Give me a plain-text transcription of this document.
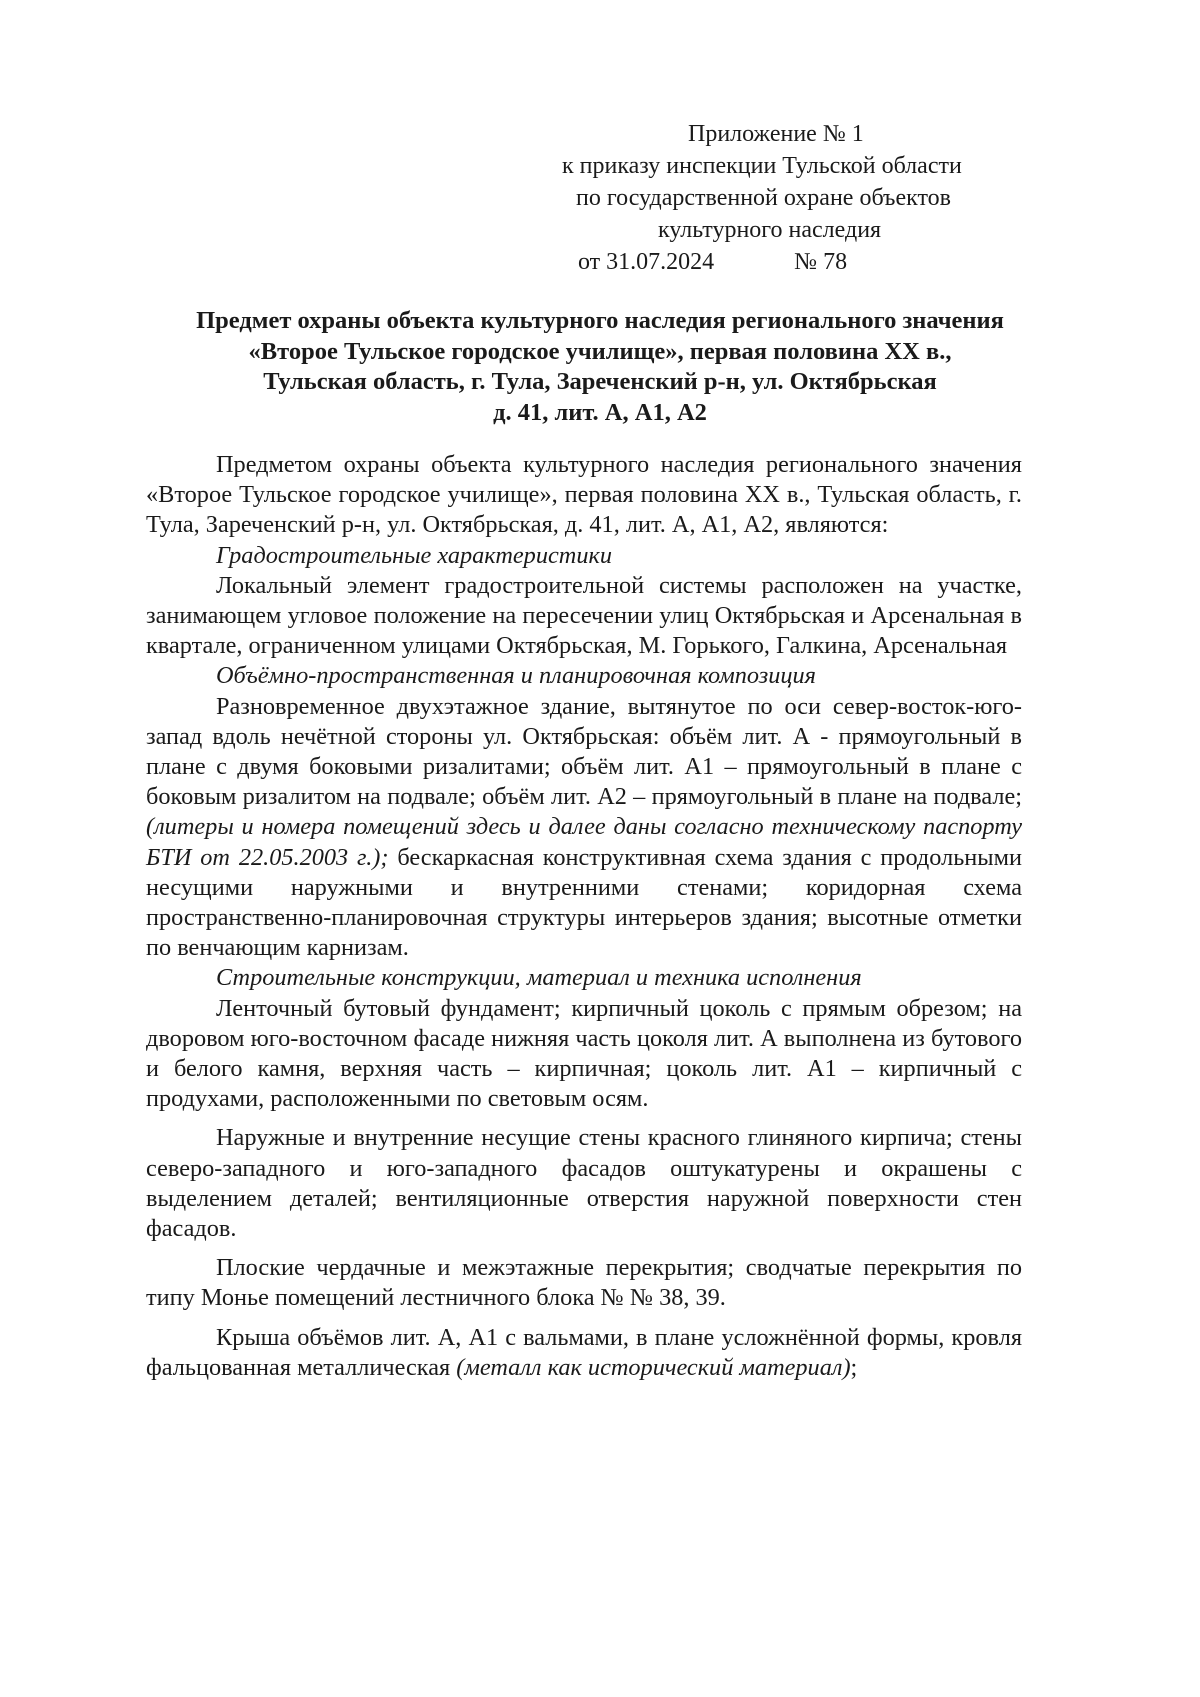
Приложение № 1
к приказу инспекции Тульской области
по государственной охране объектов
культурного наследия
от 31.07.2024	№ 78
Предмет охраны объекта культурного наследия регионального значения
«Второе Тульское городское училище», первая половина XX в.,
Тульская область, г. Тула, Зареченский р-н, ул. Октябрьская
д. 41, лит. А, А1, А2

Предметом охраны объекта культурного наследия регионального значения «Второе Тульское городское училище», первая половина XX в., Тульская область, г. Тула, Зареченский р-н, ул. Октябрьская, д. 41, лит. А, А1, А2, являются:

Градостроительные характеристики

Локальный элемент градостроительной системы расположен на участке, занимающем угловое положение на пересечении улиц Октябрьская и Арсенальная в квартале, ограниченном улицами Октябрьская, М. Горького, Галкина, Арсенальная

Объёмно-пространственная и планировочная композиция

Разновременное двухэтажное здание, вытянутое по оси север-восток-юго-запад вдоль нечётной стороны ул. Октябрьская: объём лит. А - прямоугольный в плане с двумя боковыми ризалитами; объём лит. А1 – прямоугольный в плане с боковым ризалитом на подвале; объём лит. А2 – прямоугольный в плане на подвале; (литеры и номера помещений здесь и далее даны согласно техническому паспорту БТИ от 22.05.2003 г.); бескаркасная конструктивная схема здания с продольными несущими наружными и внутренними стенами; коридорная схема пространственно-планировочная структуры интерьеров здания; высотные отметки по венчающим карнизам.

Строительные конструкции, материал и техника исполнения

Ленточный бутовый фундамент; кирпичный цоколь с прямым обрезом; на дворовом юго-восточном фасаде нижняя часть цоколя лит. А выполнена из бутового и белого камня, верхняя часть – кирпичная; цоколь лит. А1 – кирпичный с продухами, расположенными по световым осям.

Наружные и внутренние несущие стены красного глиняного кирпича; стены северо-западного и юго-западного фасадов оштукатурены и окрашены с выделением деталей; вентиляционные отверстия наружной поверхности стен фасадов.

Плоские чердачные и межэтажные перекрытия; сводчатые перекрытия по типу Монье помещений лестничного блока № № 38, 39.

Крыша объёмов лит. А, А1 с вальмами, в плане усложнённой формы, кровля фальцованная металлическая (металл как исторический материал);
